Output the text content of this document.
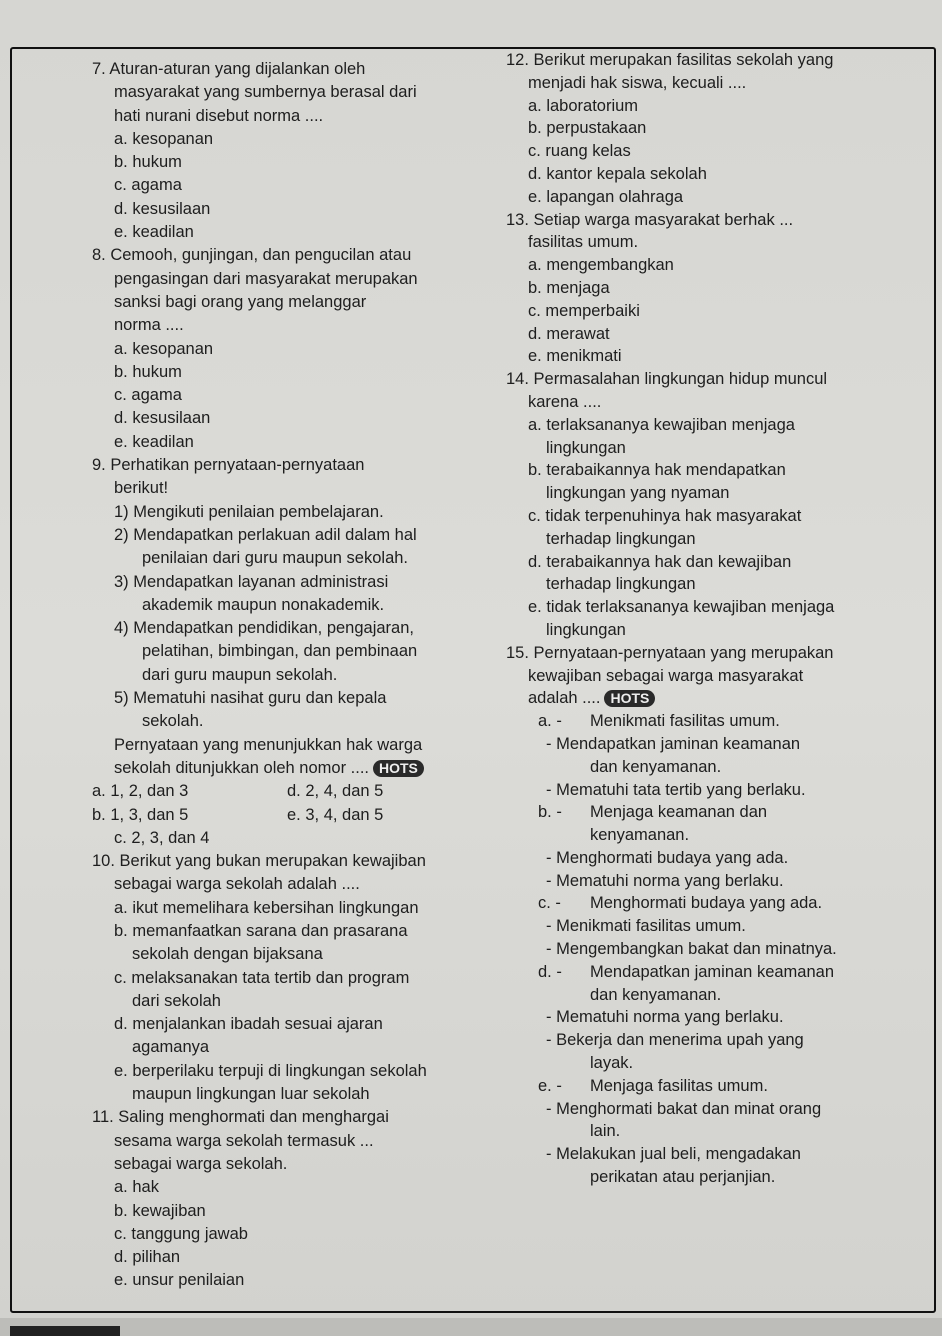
7. Aturan-aturan yang dijalankan oleh
masyarakat yang sumbernya berasal dari
hati nurani disebut norma ....
a. kesopanan
b. hukum
c. agama
d. kesusilaan
e. keadilan
8. Cemooh, gunjingan, dan pengucilan atau
pengasingan dari masyarakat merupakan
sanksi bagi orang yang melanggar
norma ....
a. kesopanan
b. hukum
c. agama
d. kesusilaan
e. keadilan
9. Perhatikan pernyataan-pernyataan
berikut!
1) Mengikuti penilaian pembelajaran.
2) Mendapatkan perlakuan adil dalam hal
penilaian dari guru maupun sekolah.
3) Mendapatkan layanan administrasi
akademik maupun nonakademik.
4) Mendapatkan pendidikan, pengajaran,
pelatihan, bimbingan, dan pembinaan
dari guru maupun sekolah.
5) Mematuhi nasihat guru dan kepala
sekolah.
Pernyataan yang menunjukkan hak warga
sekolah ditunjukkan oleh nomor .... HOTS
a. 1, 2, dan 3	d. 2, 4, dan 5
b. 1, 3, dan 5	e. 3, 4, dan 5
c. 2, 3, dan 4
10. Berikut yang bukan merupakan kewajiban
sebagai warga sekolah adalah ....
a. ikut memelihara kebersihan lingkungan
b. memanfaatkan sarana dan prasarana
sekolah dengan bijaksana
c. melaksanakan tata tertib dan program
dari sekolah
d. menjalankan ibadah sesuai ajaran
agamanya
e. berperilaku terpuji di lingkungan sekolah
maupun lingkungan luar sekolah
11. Saling menghormati dan menghargai
sesama warga sekolah termasuk ...
sebagai warga sekolah.
a. hak
b. kewajiban
c. tanggung jawab
d. pilihan
e. unsur penilaian
12. Berikut merupakan fasilitas sekolah yang
menjadi hak siswa, kecuali ....
a. laboratorium
b. perpustakaan
c. ruang kelas
d. kantor kepala sekolah
e. lapangan olahraga
13. Setiap warga masyarakat berhak ...
fasilitas umum.
a. mengembangkan
b. menjaga
c. memperbaiki
d. merawat
e. menikmati
14. Permasalahan lingkungan hidup muncul
karena ....
a. terlaksananya kewajiban menjaga
lingkungan
b. terabaikannya hak mendapatkan
lingkungan yang nyaman
c. tidak terpenuhinya hak masyarakat
terhadap lingkungan
d. terabaikannya hak dan kewajiban
terhadap lingkungan
e. tidak terlaksananya kewajiban menjaga
lingkungan
15. Pernyataan-pernyataan yang merupakan
kewajiban sebagai warga masyarakat
adalah .... HOTS
a. - Menikmati fasilitas umum.
- Mendapatkan jaminan keamanan
dan kenyamanan.
- Mematuhi tata tertib yang berlaku.
b. - Menjaga keamanan dan
kenyamanan.
- Menghormati budaya yang ada.
- Mematuhi norma yang berlaku.
c. - Menghormati budaya yang ada.
- Menikmati fasilitas umum.
- Mengembangkan bakat dan minatnya.
d. - Mendapatkan jaminan keamanan
dan kenyamanan.
- Mematuhi norma yang berlaku.
- Bekerja dan menerima upah yang
layak.
e. - Menjaga fasilitas umum.
- Menghormati bakat dan minat orang
lain.
- Melakukan jual beli, mengadakan
perikatan atau perjanjian.
